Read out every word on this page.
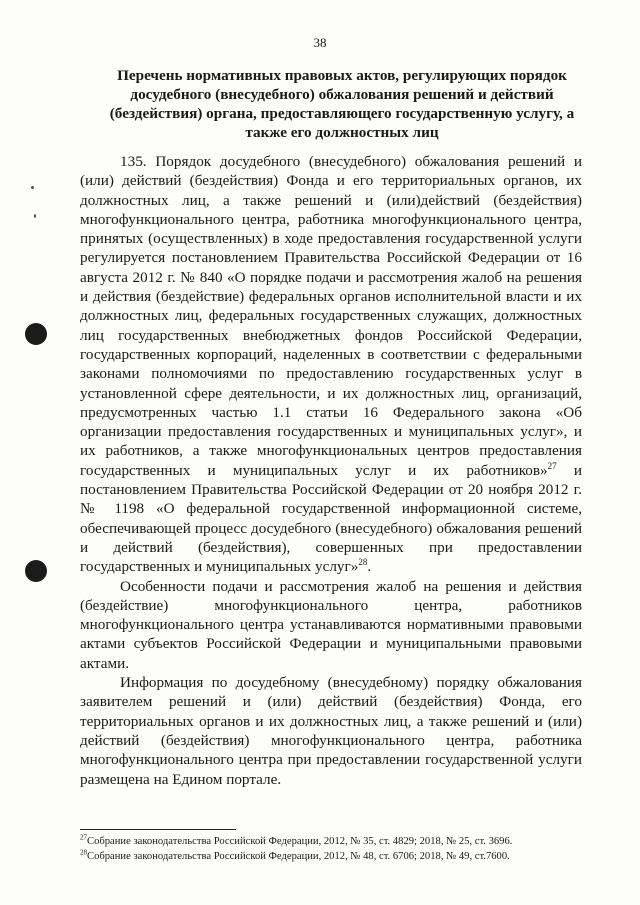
38
Перечень нормативных правовых актов, регулирующих порядок досудебного (внесудебного) обжалования решений и действий (бездействия) органа, предоставляющего государственную услугу, а также его должностных лиц

135. Порядок досудебного (внесудебного) обжалования решений и (или) действий (бездействия) Фонда и его территориальных органов, их должностных лиц, а также решений и (или)действий (бездействия) многофункционального центра, работника многофункционального центра, принятых (осуществленных) в ходе предоставления государственной услуги регулируется постановлением Правительства Российской Федерации от 16 августа 2012 г. № 840 «О порядке подачи и рассмотрения жалоб на решения и действия (бездействие) федеральных органов исполнительной власти и их должностных лиц, федеральных государственных служащих, должностных лиц государственных внебюджетных фондов Российской Федерации, государственных корпораций, наделенных в соответствии с федеральными законами полномочиями по предоставлению государственных услуг в установленной сфере деятельности, и их должностных лиц, организаций, предусмотренных частью 1.1 статьи 16 Федерального закона «Об организации предоставления государственных и муниципальных услуг», и их работников, а также многофункциональных центров предоставления государственных и муниципальных услуг и их работников»$^{27}$ и постановлением Правительства Российской Федерации от 20 ноября 2012 г. № 1198 «О федеральной государственной информационной системе, обеспечивающей процесс досудебного (внесудебного) обжалования решений и действий (бездействия), совершенных при предоставлении государственных и муниципальных услуг»$^{28}$.

Особенности подачи и рассмотрения жалоб на решения и действия (бездействие) многофункционального центра, работников многофункционального центра устанавливаются нормативными правовыми актами субъектов Российской Федерации и муниципальными правовыми актами.

Информация по досудебному (внесудебному) порядку обжалования заявителем решений и (или) действий (бездействия) Фонда, его территориальных органов и их должностных лиц, а также решений и (или) действий (бездействия) многофункционального центра, работника многофункционального центра при предоставлении государственной услуги размещена на Едином портале.

$^{27}$Собрание законодательства Российской Федерации, 2012, № 35, ст. 4829; 2018, № 25, ст. 3696.
$^{28}$Собрание законодательства Российской Федерации, 2012, № 48, ст. 6706; 2018, № 49, ст.7600.
